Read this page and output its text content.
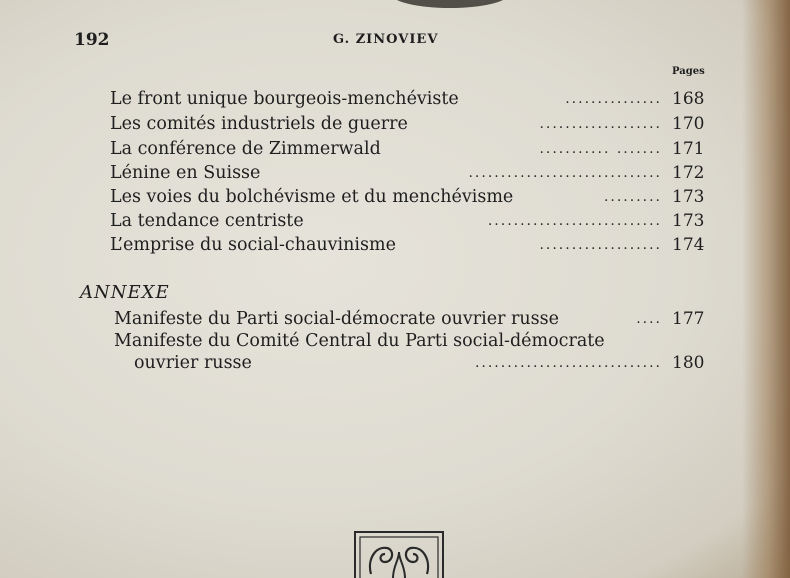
192	G. ZINOVIEV
Pages
Le front unique bourgeois-menchéviste	............... 168
Les comités industriels de guerre	................... 170
La conférence de Zimmerwald	........... ....... 171
Lénine en Suisse	.............................. 172
Les voies du bolchévisme et du menchévisme	......... 173
La tendance centriste	........................... 173
L’emprise du social-chauvinisme	................... 174
ANNEXE
Manifeste du Parti social-démocrate ouvrier russe	.... 177
Manifeste du Comité Central du Parti social-démocrate
ouvrier russe	............................. 180
